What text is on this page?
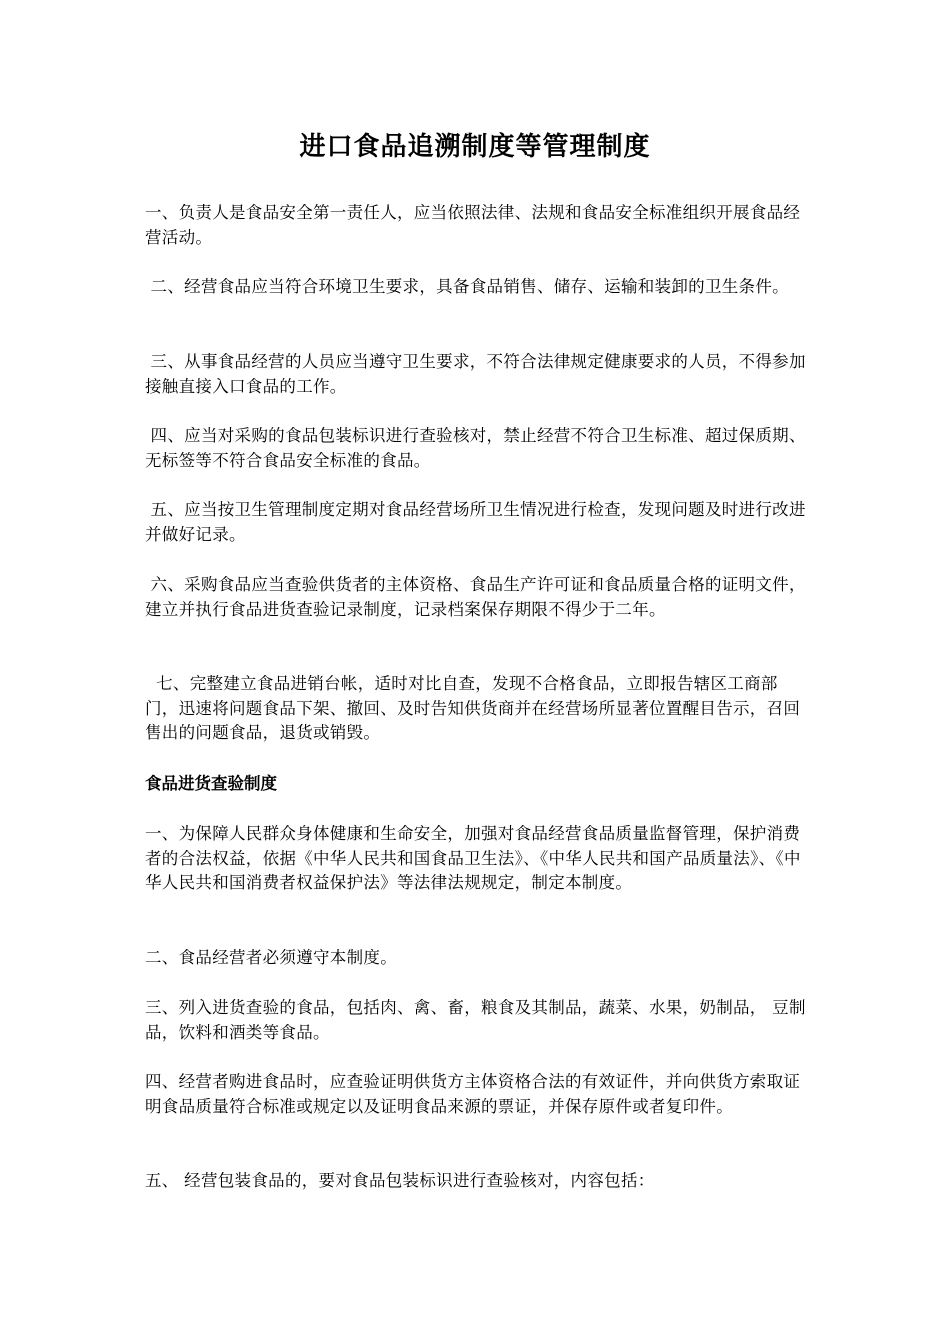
进口食品追溯制度等管理制度
一、负责人是食品安全第一责任人，应当依照法律、法规和食品安全标准组织开展食品经营活动。
二、经营食品应当符合环境卫生要求，具备食品销售、储存、运输和装卸的卫生条件。
三、从事食品经营的人员应当遵守卫生要求，不符合法律规定健康要求的人员，不得参加接触直接入口食品的工作。
四、应当对采购的食品包装标识进行查验核对，禁止经营不符合卫生标准、超过保质期、无标签等不符合食品安全标准的食品。
五、应当按卫生管理制度定期对食品经营场所卫生情况进行检查，发现问题及时进行改进并做好记录。
六、采购食品应当查验供货者的主体资格、食品生产许可证和食品质量合格的证明文件，建立并执行食品进货查验记录制度，记录档案保存期限不得少于二年。
七、完整建立食品进销台帐，适时对比自查，发现不合格食品，立即报告辖区工商部门，迅速将问题食品下架、撤回、及时告知供货商并在经营场所显著位置醒目告示，召回售出的问题食品，退货或销毁。
食品进货查验制度
一、为保障人民群众身体健康和生命安全，加强对食品经营食品质量监督管理，保护消费者的合法权益，依据《中华人民共和国食品卫生法》、《中华人民共和国产品质量法》、《中华人民共和国消费者权益保护法》等法律法规规定，制定本制度。
二、食品经营者必须遵守本制度。
三、列入进货查验的食品，包括肉、禽、畜，粮食及其制品，蔬菜、水果，奶制品， 豆制品，饮料和酒类等食品。
四、经营者购进食品时，应查验证明供货方主体资格合法的有效证件，并向供货方索取证明食品质量符合标准或规定以及证明食品来源的票证，并保存原件或者复印件。
五、 经营包装食品的，要对食品包装标识进行查验核对，内容包括：
